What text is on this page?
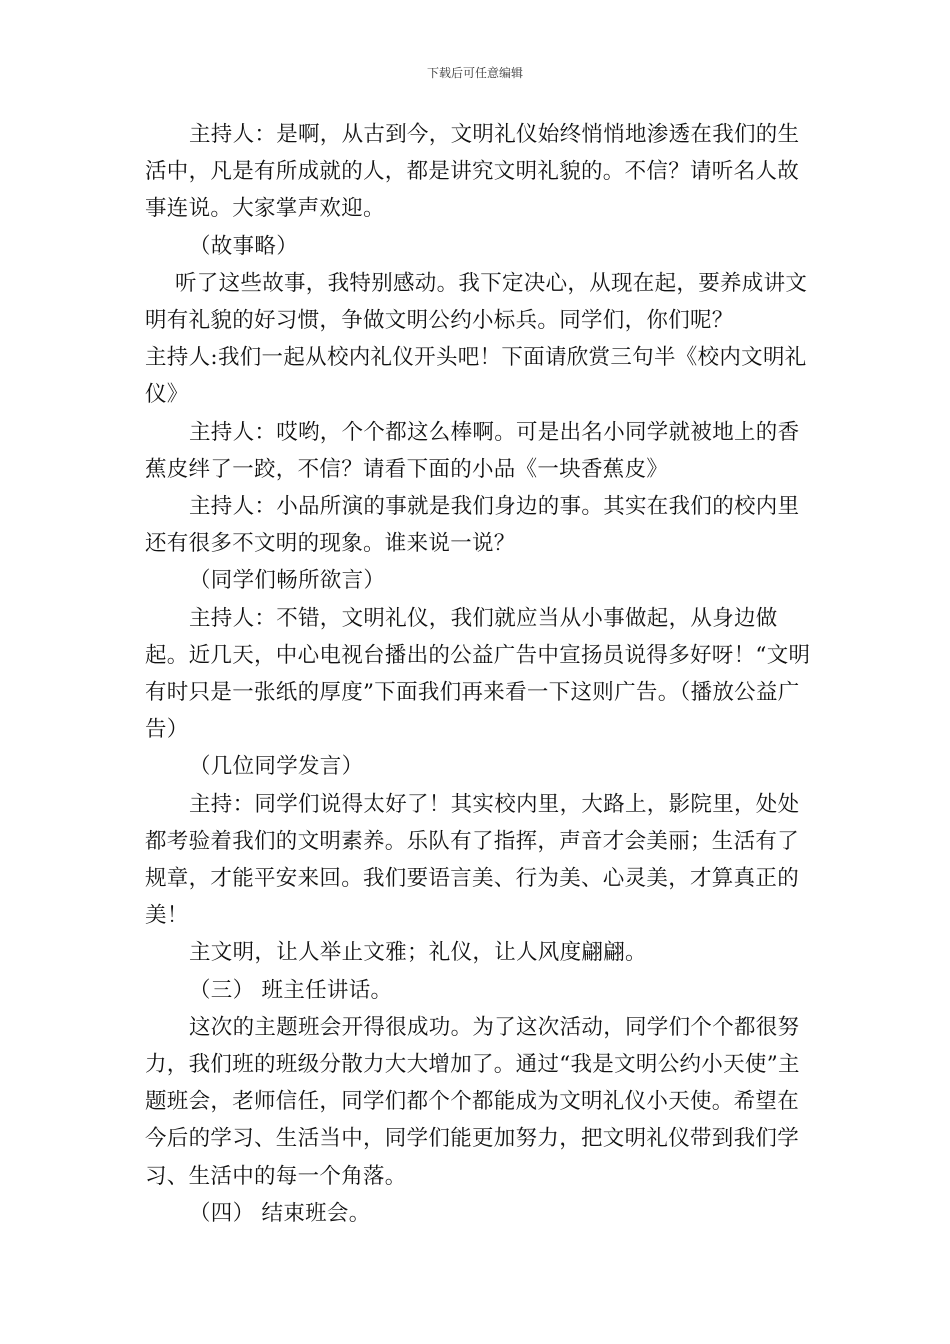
下载后可任意编辑

主持人：是啊，从古到今，文明礼仪始终悄悄地渗透在我们的生活中，凡是有所成就的人，都是讲究文明礼貌的。不信？请听名人故事连说。大家掌声欢迎。

（故事略）

听了这些故事，我特别感动。我下定决心，从现在起，要养成讲文明有礼貌的好习惯，争做文明公约小标兵。同学们，你们呢？

主持人:我们一起从校内礼仪开头吧！下面请欣赏三句半《校内文明礼仪》

主持人：哎哟，个个都这么棒啊。可是出名小同学就被地上的香蕉皮绊了一跤，不信？请看下面的小品《一块香蕉皮》

主持人：小品所演的事就是我们身边的事。其实在我们的校内里还有很多不文明的现象。谁来说一说？

（同学们畅所欲言）

主持人：不错，文明礼仪，我们就应当从小事做起，从身边做起。近几天，中心电视台播出的公益广告中宣扬员说得多好呀！“文明有时只是一张纸的厚度”下面我们再来看一下这则广告。（播放公益广告）

（几位同学发言）

主持：同学们说得太好了！其实校内里，大路上，影院里，处处都考验着我们的文明素养。乐队有了指挥，声音才会美丽；生活有了规章，才能平安来回。我们要语言美、行为美、心灵美，才算真正的美！

主文明，让人举止文雅；礼仪，让人风度翩翩。

（三） 班主任讲话。

这次的主题班会开得很成功。为了这次活动，同学们个个都很努力，我们班的班级分散力大大增加了。通过“我是文明公约小天使”主题班会，老师信任，同学们都个个都能成为文明礼仪小天使。希望在今后的学习、生活当中，同学们能更加努力，把文明礼仪带到我们学习、生活中的每一个角落。

（四） 结束班会。
